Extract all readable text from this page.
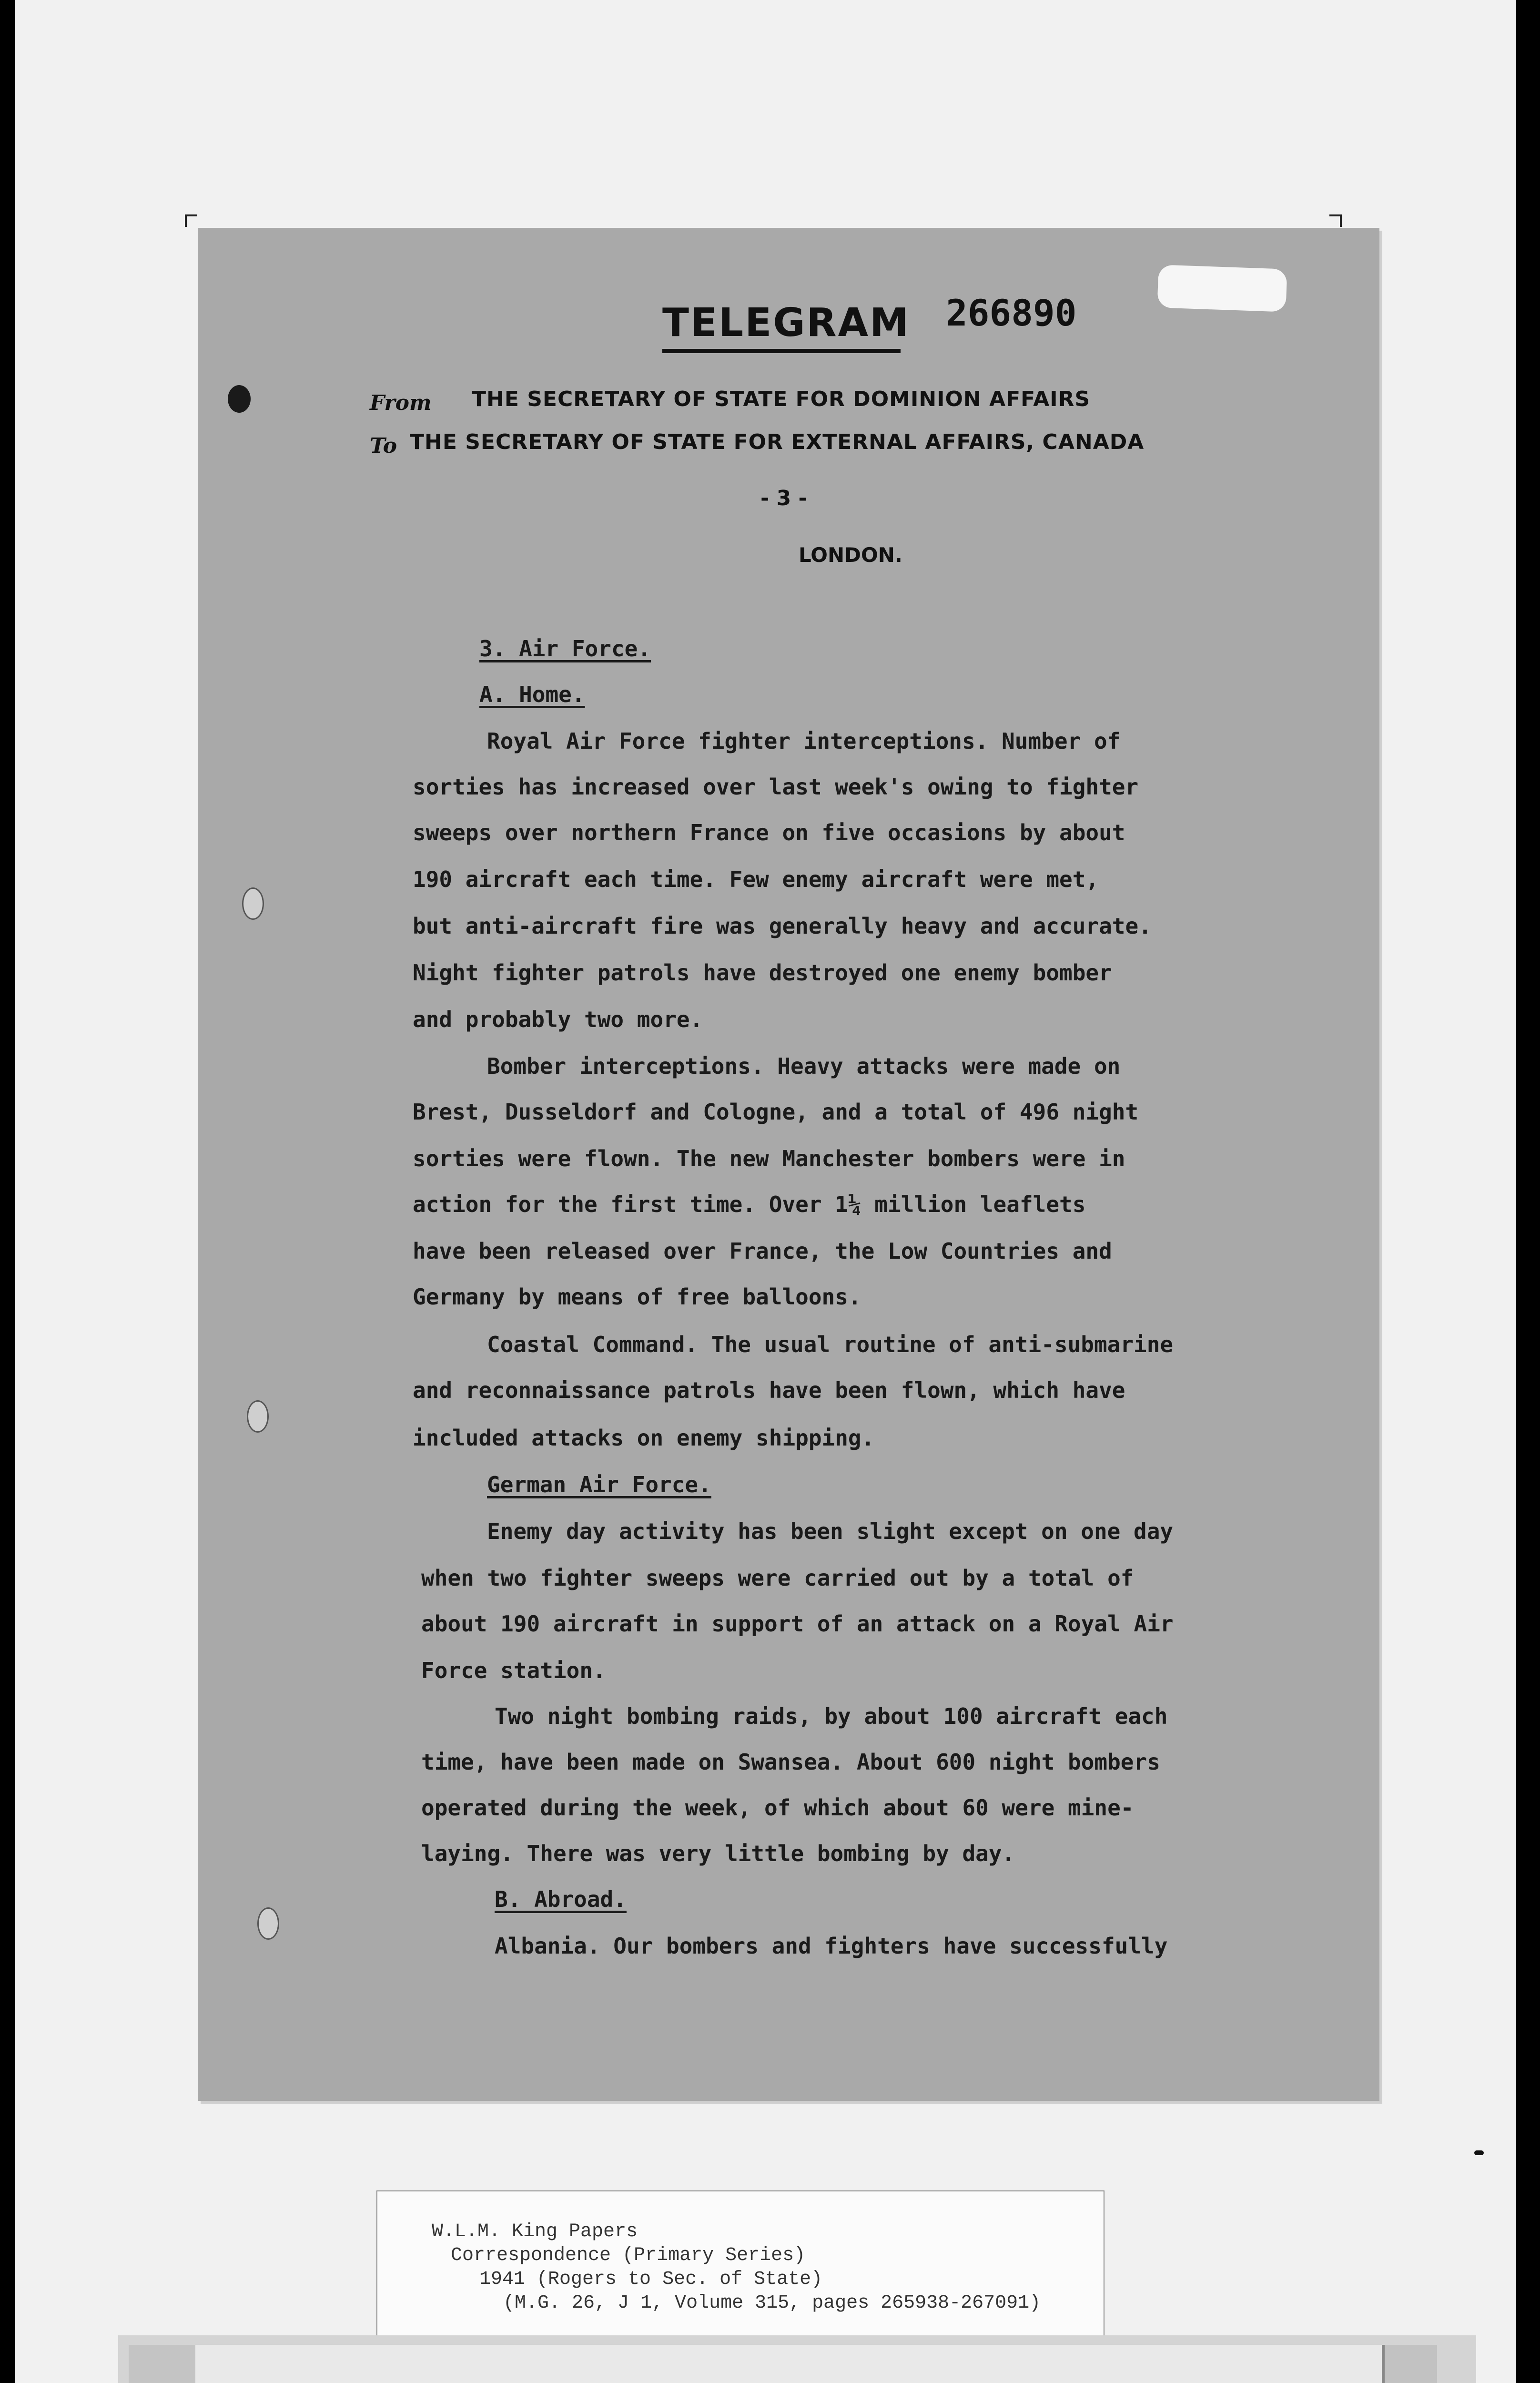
TELEGRAM 266890
From THE SECRETARY OF STATE FOR DOMINION AFFAIRS
To THE SECRETARY OF STATE FOR EXTERNAL AFFAIRS, CANADA
- 3 -
LONDON.
3. Air Force.
A. Home.
Royal Air Force fighter interceptions. Number of
sorties has increased over last week's owing to fighter
sweeps over northern France on five occasions by about
190 aircraft each time. Few enemy aircraft were met,
but anti-aircraft fire was generally heavy and accurate.
Night fighter patrols have destroyed one enemy bomber
and probably two more.
Bomber interceptions. Heavy attacks were made on
Brest, Dusseldorf and Cologne, and a total of 496 night
sorties were flown. The new Manchester bombers were in
action for the first time. Over 1¼ million leaflets
have been released over France, the Low Countries and
Germany by means of free balloons.
Coastal Command. The usual routine of anti-submarine
and reconnaissance patrols have been flown, which have
included attacks on enemy shipping.
German Air Force.
Enemy day activity has been slight except on one day
when two fighter sweeps were carried out by a total of
about 190 aircraft in support of an attack on a Royal Air
Force station.
Two night bombing raids, by about 100 aircraft each
time, have been made on Swansea. About 600 night bombers
operated during the week, of which about 60 were mine-
laying. There was very little bombing by day.
B. Abroad.
Albania. Our bombers and fighters have successfully
W.L.M. King Papers
Correspondence (Primary Series)
1941 (Rogers to Sec. of State)
(M.G. 26, J 1, Volume 315, pages 265938-267091)
